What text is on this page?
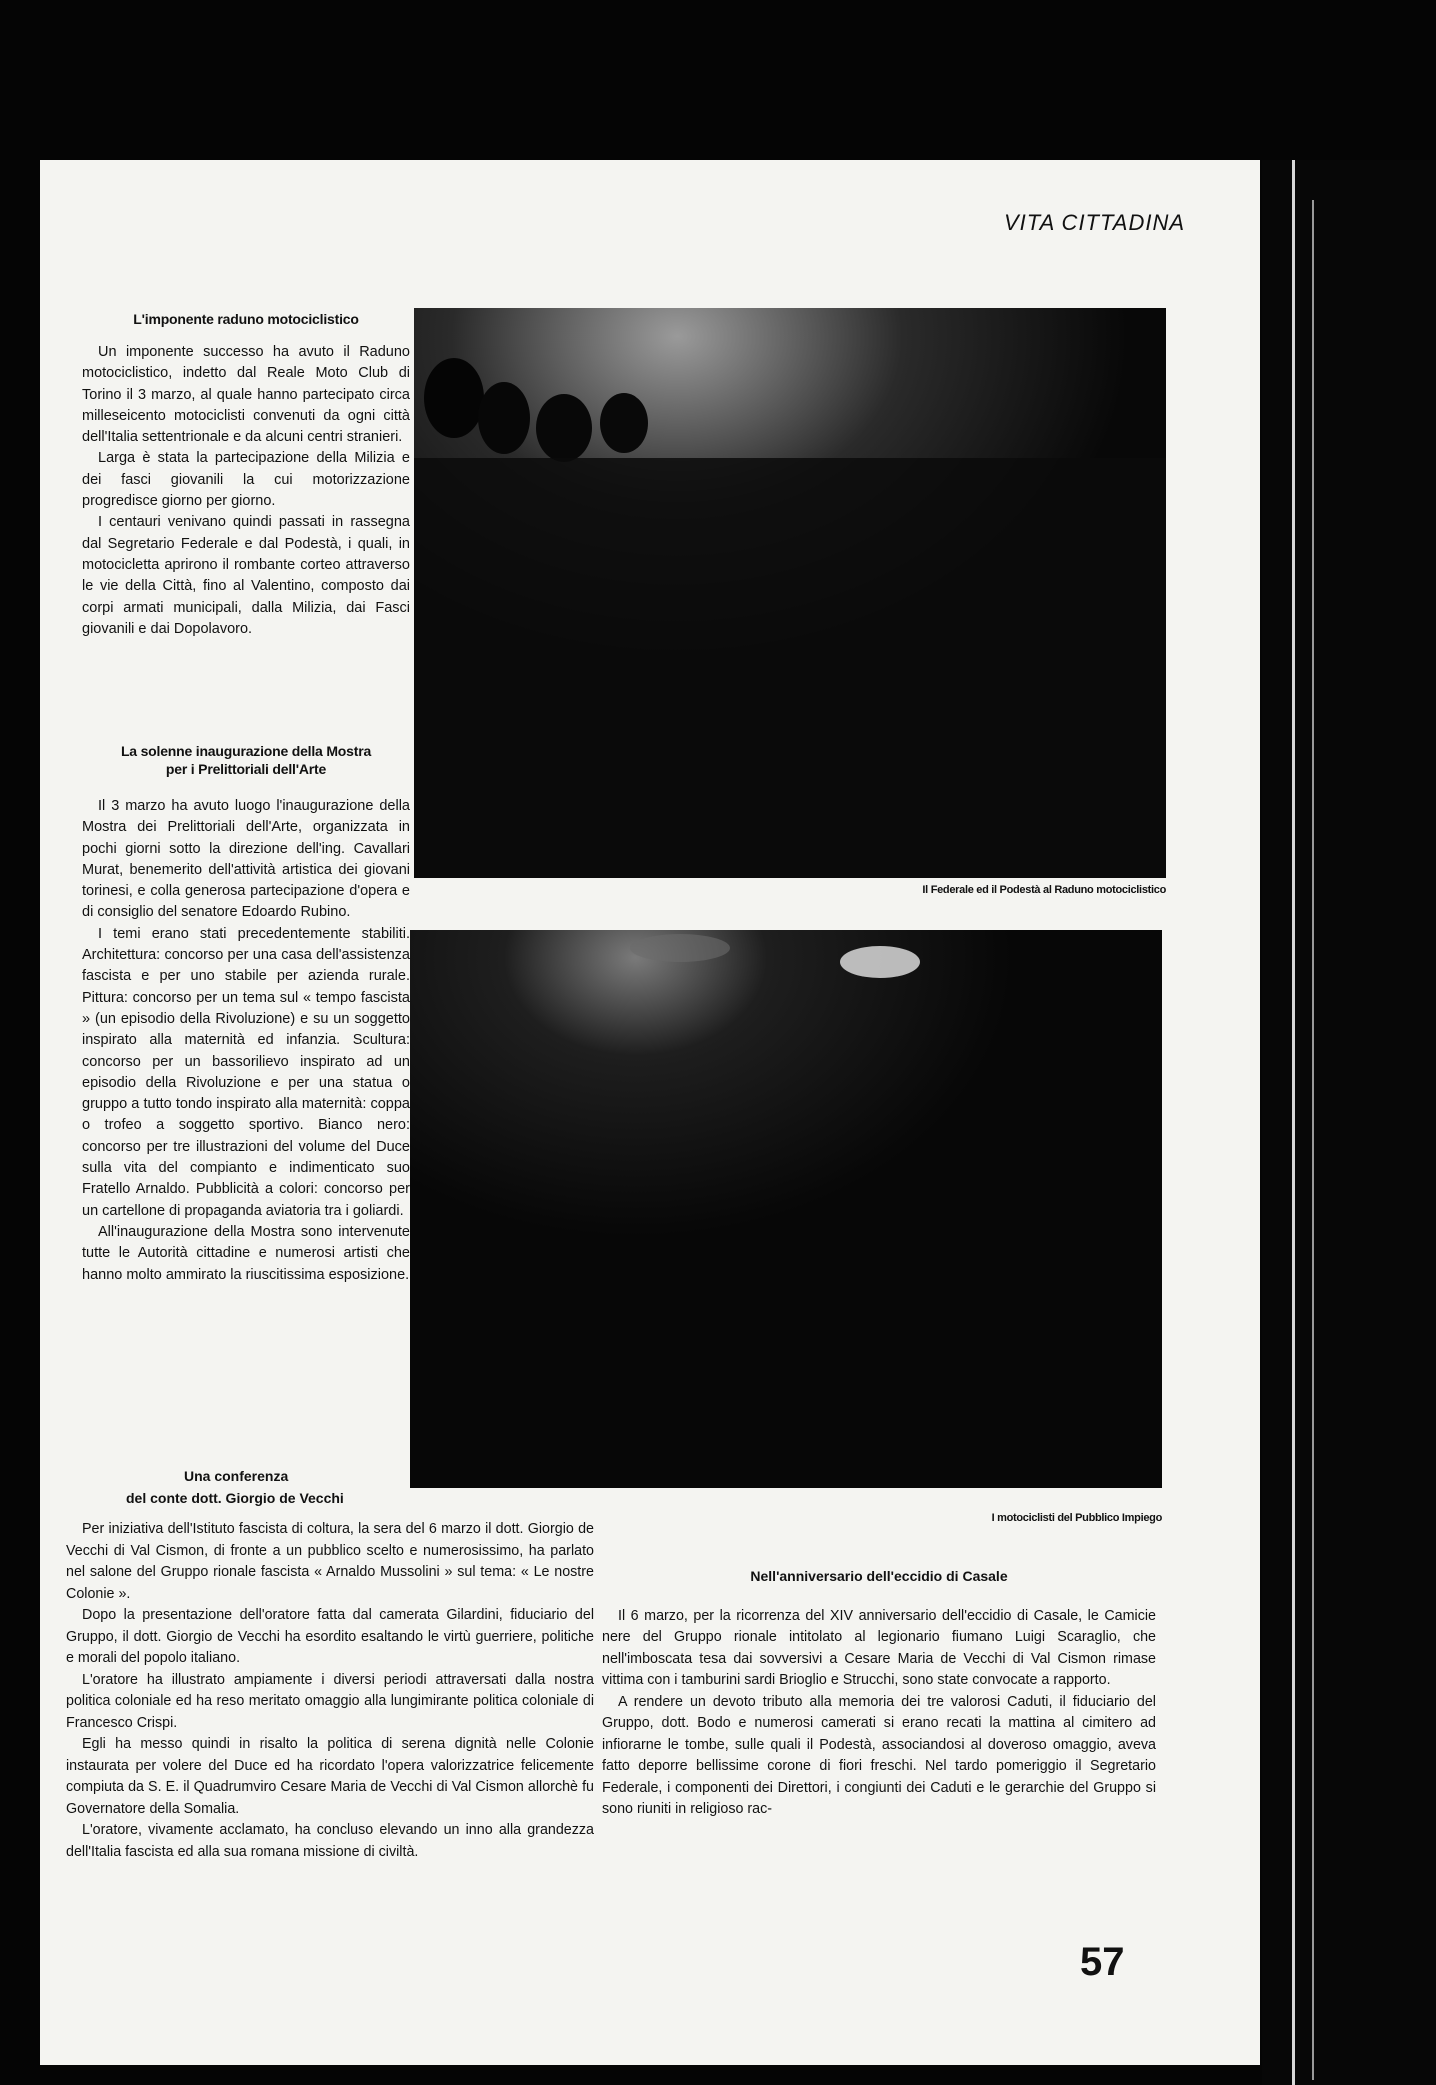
VITA CITTADINA
L'imponente raduno motociclistico

Un imponente successo ha avuto il Raduno motociclistico, indetto dal Reale Moto Club di Torino il 3 marzo, al quale hanno partecipato circa milleseicento motociclisti convenuti da ogni città dell'Italia settentrionale e da alcuni centri stranieri.

Larga è stata la partecipazione della Milizia e dei fasci giovanili la cui motorizzazione progredisce giorno per giorno.

I centauri venivano quindi passati in rassegna dal Segretario Federale e dal Podestà, i quali, in motocicletta aprirono il rombante corteo attraverso le vie della Città, fino al Valentino, composto dai corpi armati municipali, dalla Milizia, dai Fasci giovanili e dai Dopolavoro.

La solenne inaugurazione della Mostra
per i Prelittoriali dell'Arte

Il 3 marzo ha avuto luogo l'inaugurazione della Mostra dei Prelittoriali dell'Arte, organizzata in pochi giorni sotto la direzione dell'ing. Cavallari Murat, benemerito dell'attività artistica dei giovani torinesi, e colla generosa partecipazione d'opera e di consiglio del senatore Edoardo Rubino.

I temi erano stati precedentemente stabiliti. Architettura: concorso per una casa dell'assistenza fascista e per uno stabile per azienda rurale. Pittura: concorso per un tema sul « tempo fascista » (un episodio della Rivoluzione) e su un soggetto inspirato alla maternità ed infanzia. Scultura: concorso per un bassorilievo inspirato ad un episodio della Rivoluzione e per una statua o gruppo a tutto tondo inspirato alla maternità: coppa o trofeo a soggetto sportivo. Bianco nero: concorso per tre illustrazioni del volume del Duce sulla vita del compianto e indimenticato suo Fratello Arnaldo. Pubblicità a colori: concorso per un cartellone di propaganda aviatoria tra i goliardi.

All'inaugurazione della Mostra sono intervenute tutte le Autorità cittadine e numerosi artisti che hanno molto ammirato la riuscitissima esposizione.

Il Federale ed il Podestà al Raduno motociclistico
I motociclisti del Pubblico Impiego
Una conferenza
del conte dott. Giorgio de Vecchi

Per iniziativa dell'Istituto fascista di coltura, la sera del 6 marzo il dott. Giorgio de Vecchi di Val Cismon, di fronte a un pubblico scelto e numerosissimo, ha parlato nel salone del Gruppo rionale fascista « Arnaldo Mussolini » sul tema: « Le nostre Colonie ».

Dopo la presentazione dell'oratore fatta dal camerata Gilardini, fiduciario del Gruppo, il dott. Giorgio de Vecchi ha esordito esaltando le virtù guerriere, politiche e morali del popolo italiano.

L'oratore ha illustrato ampiamente i diversi periodi attraversati dalla nostra politica coloniale ed ha reso meritato omaggio alla lungimirante politica coloniale di Francesco Crispi.

Egli ha messo quindi in risalto la politica di serena dignità nelle Colonie instaurata per volere del Duce ed ha ricordato l'opera valorizzatrice felicemente compiuta da S. E. il Quadrumviro Cesare Maria de Vecchi di Val Cismon allorchè fu Governatore della Somalia.

L'oratore, vivamente acclamato, ha concluso elevando un inno alla grandezza dell'Italia fascista ed alla sua romana missione di civiltà.

Nell'anniversario dell'eccidio di Casale

Il 6 marzo, per la ricorrenza del XIV anniversario dell'eccidio di Casale, le Camicie nere del Gruppo rionale intitolato al legionario fiumano Luigi Scaraglio, che nell'imboscata tesa dai sovversivi a Cesare Maria de Vecchi di Val Cismon rimase vittima con i tamburini sardi Brioglio e Strucchi, sono state convocate a rapporto.

A rendere un devoto tributo alla memoria dei tre valorosi Caduti, il fiduciario del Gruppo, dott. Bodo e numerosi camerati si erano recati la mattina al cimitero ad infiorarne le tombe, sulle quali il Podestà, associandosi al doveroso omaggio, aveva fatto deporre bellissime corone di fiori freschi. Nel tardo pomeriggio il Segretario Federale, i componenti dei Direttori, i congiunti dei Caduti e le gerarchie del Gruppo si sono riuniti in religioso rac-

57
